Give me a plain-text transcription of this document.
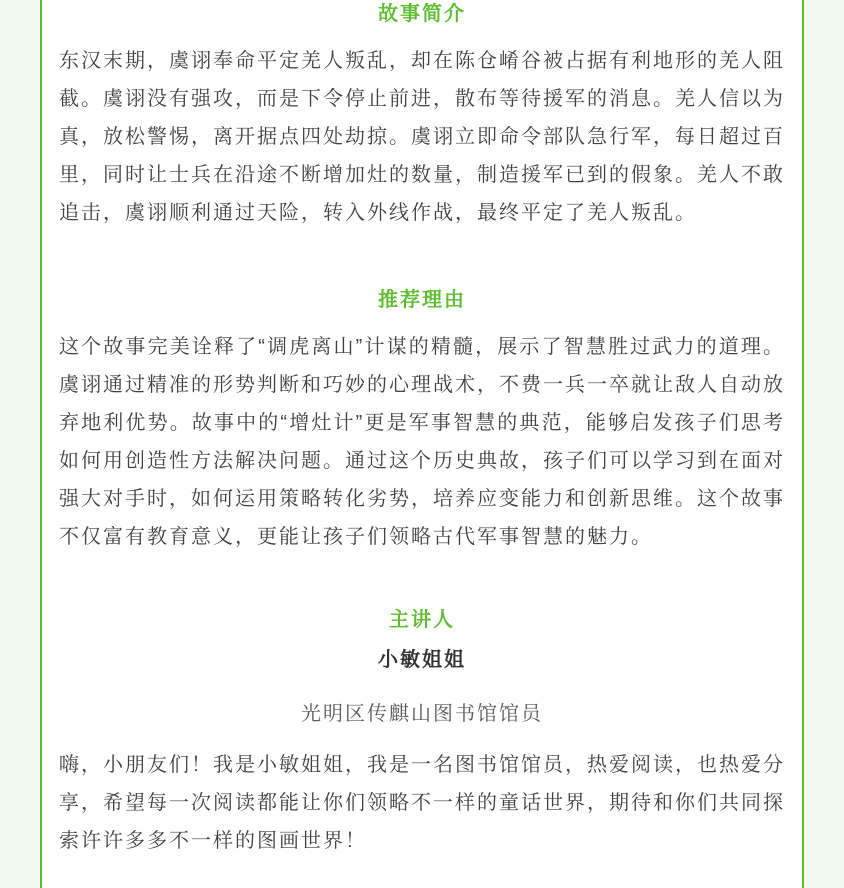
故事简介

东汉末期，虞诩奉命平定羌人叛乱，却在陈仓崤谷被占据有利地形的羌人阻截。虞诩没有强攻，而是下令停止前进，散布等待援军的消息。羌人信以为真，放松警惕，离开据点四处劫掠。虞诩立即命令部队急行军，每日超过百里，同时让士兵在沿途不断增加灶的数量，制造援军已到的假象。羌人不敢追击，虞诩顺利通过天险，转入外线作战，最终平定了羌人叛乱。

推荐理由

这个故事完美诠释了“调虎离山”计谋的精髓，展示了智慧胜过武力的道理。虞诩通过精准的形势判断和巧妙的心理战术，不费一兵一卒就让敌人自动放弃地利优势。故事中的“增灶计”更是军事智慧的典范，能够启发孩子们思考如何用创造性方法解决问题。通过这个历史典故，孩子们可以学习到在面对强大对手时，如何运用策略转化劣势，培养应变能力和创新思维。这个故事不仅富有教育意义，更能让孩子们领略古代军事智慧的魅力。

主讲人
小敏姐姐
光明区传麒山图书馆馆员

嗨，小朋友们！我是小敏姐姐，我是一名图书馆馆员，热爱阅读，也热爱分享，希望每一次阅读都能让你们领略不一样的童话世界，期待和你们共同探索许许多多不一样的图画世界！
